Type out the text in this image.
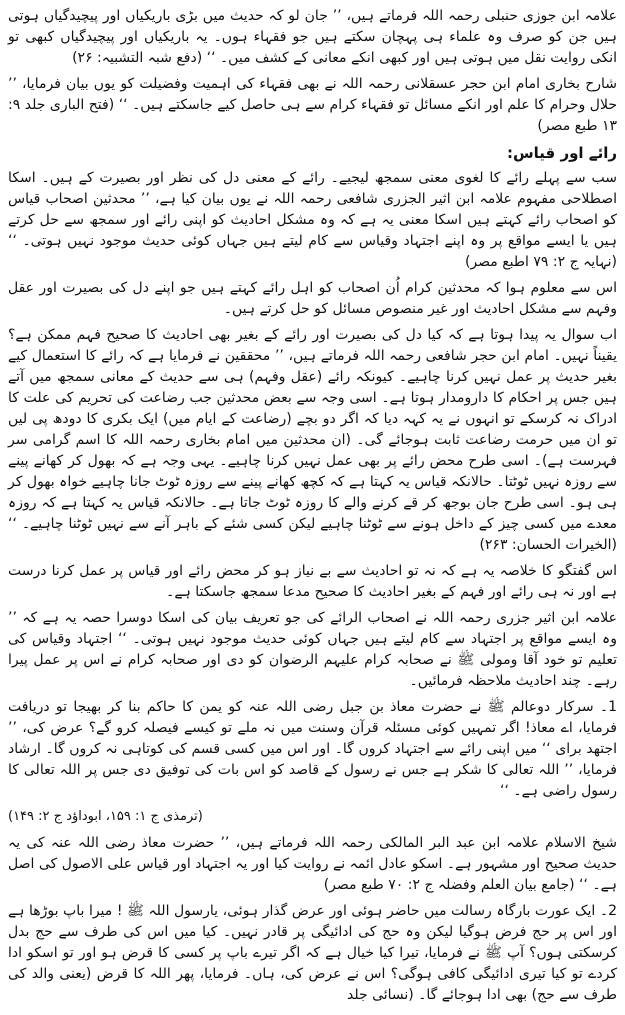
علامہ ابن جوزی حنبلی رحمہ اللہ فرماتے ہیں، ’’ جان لو کہ حدیث میں بڑی باریکیاں اور پیچیدگیاں ہوتی ہیں جن کو صرف وہ علماء ہی پہچان سکتے ہیں جو فقہاء ہوں۔ یہ باریکیاں اور پیچیدگیاں کبھی تو انکی روایت نقل میں ہوتی ہیں اور کبھی انکے معانی کے کشف میں۔ ‘‘ (دفع شبہ التشبیہ: ۲۶)

شارح بخاری امام ابن حجر عسقلانی رحمہ اللہ نے بھی فقہاء کی اہمیت وفضیلت کو یوں بیان فرمایا، ’’ حلال وحرام کا علم اور انکے مسائل تو فقہاء کرام سے ہی حاصل کیے جاسکتے ہیں۔ ‘‘ (فتح الباری جلد ۹: ۱۳ طبع مصر)

رائے اور قیاس:

سب سے پہلے رائے کا لغوی معنی سمجھ لیجیے۔ رائے کے معنی دل کی نظر اور بصیرت کے ہیں۔ اسکا اصطلاحی مفہوم علامہ ابن اثیر الجزری شافعی رحمہ اللہ نے یوں بیان کیا ہے، ’’ محدثین اصحاب قیاس کو اصحاب رائے کہتے ہیں اسکا معنی یہ ہے کہ وہ مشکل احادیث کو اپنی رائے اور سمجھ سے حل کرتے ہیں یا ایسے مواقع پر وہ اپنے اجتہاد وقیاس سے کام لیتے ہیں جہاں کوئی حدیث موجود نہیں ہوتی۔ ‘‘ (نہایہ ج ۲: ۷۹ اطبع مصر)

اس سے معلوم ہوا کہ محدثین کرام اُن اصحاب کو اہل رائے کہتے ہیں جو اپنے دل کی بصیرت اور عقل وفہم سے مشکل احادیث اور غیر منصوص مسائل کو حل کرتے ہیں۔

اب سوال یہ پیدا ہوتا ہے کہ کیا دل کی بصیرت اور رائے کے بغیر بھی احادیث کا صحیح فہم ممکن ہے؟ یقیناً نہیں۔ امام ابن حجر شافعی رحمہ اللہ فرماتے ہیں، ’’ محققین نے فرمایا ہے کہ رائے کا استعمال کیے بغیر حدیث پر عمل نہیں کرنا چاہیے۔ کیونکہ رائے (عقل وفہم) ہی سے حدیث کے معانی سمجھ میں آتے ہیں جس پر احکام کا دارومدار ہوتا ہے۔ اسی وجہ سے بعض محدثین جب رضاعت کی تحریم کی علت کا ادراک نہ کرسکے تو انہوں نے یہ کہہ دیا کہ اگر دو بچے (رضاعت کے ایام میں) ایک بکری کا دودھ پی لیں تو ان میں حرمت رضاعت ثابت ہوجائے گی۔ (ان محدثین میں امام بخاری رحمہ اللہ کا اسم گرامی سر فہرست ہے)۔ اسی طرح محض رائے پر بھی عمل نہیں کرنا چاہیے۔ یہی وجہ ہے کہ بھول کر کھانے پینے سے روزہ نہیں ٹوٹتا۔ حالانکہ قیاس یہ کہتا ہے کہ کچھ کھانے پینے سے روزہ ٹوٹ جانا چاہیے خواہ بھول کر ہی ہو۔ اسی طرح جان بوجھ کر قے کرنے والے کا روزہ ٹوٹ جاتا ہے۔ حالانکہ قیاس یہ کہتا ہے کہ روزہ معدے میں کسی چیز کے داخل ہونے سے ٹوٹنا چاہیے لیکن کسی شئے کے باہر آنے سے نہیں ٹوٹنا چاہیے۔ ‘‘ (الخیرات الحسان: ۲۶۳)

اس گفتگو کا خلاصہ یہ ہے کہ نہ تو احادیث سے بے نیاز ہو کر محض رائے اور قیاس پر عمل کرنا درست ہے اور نہ ہی رائے اور فہم کے بغیر احادیث کا صحیح مدعا سمجھ جاسکتا ہے۔

علامہ ابن اثیر جزری رحمہ اللہ نے اصحاب الرائے کی جو تعریف بیان کی اسکا دوسرا حصہ یہ ہے کہ ’’ وہ ایسے مواقع پر اجتہاد سے کام لیتے ہیں جہاں کوئی حدیث موجود نہیں ہوتی۔ ‘‘ اجتہاد وقیاس کی تعلیم تو خود آقا ومولی ﷺ نے صحابہ کرام علیہم الرضوان کو دی اور صحابہ کرام نے اس پر عمل پیرا رہے۔ چند احادیث ملاحظہ فرمائیں۔

1۔ سرکار دوعالم ﷺ نے حضرت معاذ بن جبل رضی اللہ عنہ کو یمن کا حاکم بنا کر بھیجا تو دریافت فرمایا، اے معاذ! اگر تمہیں کوئی مسئلہ قرآن وسنت میں نہ ملے تو کیسے فیصلہ کرو گے؟ عرض کی، ’’ اجتھد برای ‘‘ میں اپنی رائے سے اجتہاد کروں گا۔ اور اس میں کسی قسم کی کوتاہی نہ کروں گا۔ ارشاد فرمایا، ’’ اللہ تعالی کا شکر ہے جس نے رسول کے قاصد کو اس بات کی توفیق دی جس پر اللہ تعالی کا رسول راضی ہے۔ ‘‘

(ترمذی ج ۱: ۱۵۹، ابوداؤد ج ۲: ۱۴۹)

شیخ الاسلام علامہ ابن عبد البر المالکی رحمہ اللہ فرماتے ہیں، ’’ حضرت معاذ رضی اللہ عنہ کی یہ حدیث صحیح اور مشہور ہے۔ اسکو عادل ائمہ نے روایت کیا اور یہ اجتہاد اور قیاس علی الاصول کی اصل ہے۔ ‘‘ (جامع بیان العلم وفضلہ ج ۲: ۷۰ طبع مصر)

2۔ ایک عورت بارگاہ رسالت میں حاضر ہوئی اور عرض گذار ہوئی، یارسول اللہ ﷺ ! میرا باپ بوڑھا ہے اور اس پر حج فرض ہوگیا لیکن وہ حج کی ادائیگی پر قادر نہیں۔ کیا میں اس کی طرف سے حج بدل کرسکتی ہوں؟ آپ ﷺ نے فرمایا، تیرا کیا خیال ہے کہ اگر تیرے باپ پر کسی کا قرض ہو اور تو اسکو ادا کردے تو کیا تیری ادائیگی کافی ہوگی؟ اس نے عرض کی، ہاں۔ فرمایا، پھر اللہ کا قرض (یعنی والد کی طرف سے حج) بھی ادا ہوجائے گا۔ (نسائی جلد
